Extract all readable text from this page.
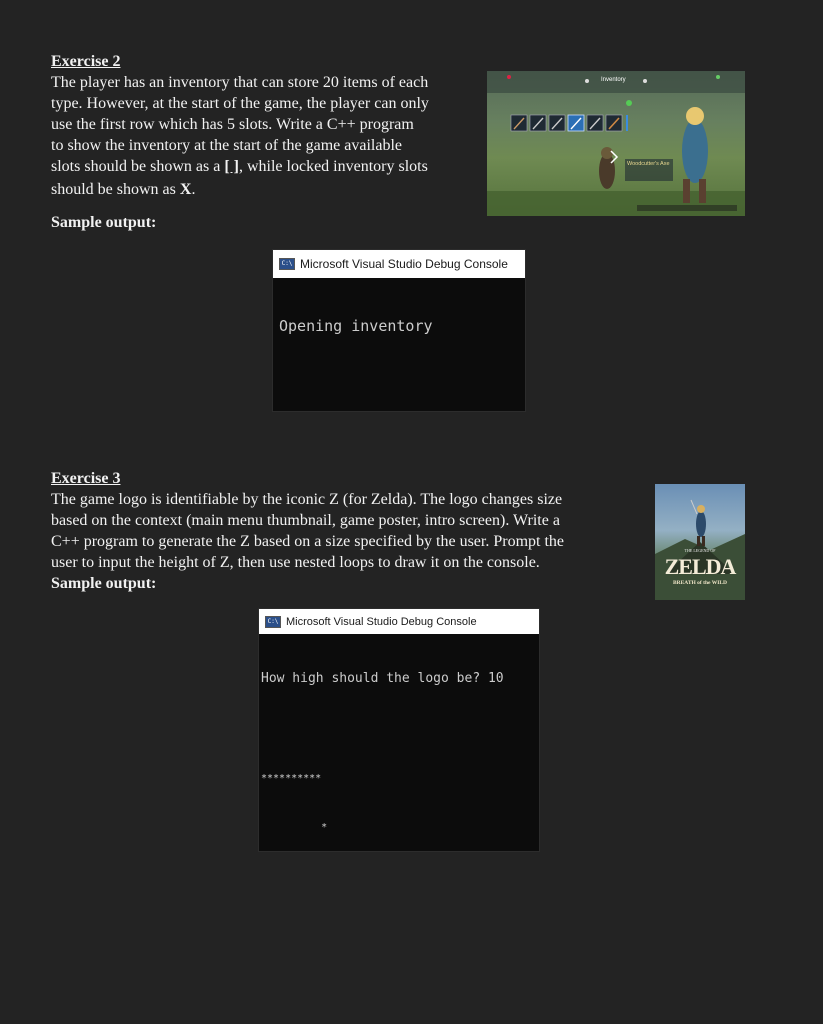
Exercise 2
The player has an inventory that can store 20 items of each
type. However, at the start of the game, the player can only
use the first row which has 5 slots. Write a C++ program
to show the inventory at the start of the game available
slots should be shown as a [ ], while locked inventory slots
should be shown as X.
Sample output:
Inventory
Woodcutter's Axe
C:\ Microsoft Visual Studio Debug Console

Opening inventory

Exercise 3
The game logo is identifiable by the iconic Z (for Zelda). The logo changes size
based on the context (main menu thumbnail, game poster, intro screen). Write a
C++ program to generate the Z based on a size specified by the user. Prompt the
user to input the height of Z, then use nested loops to draw it on the console.
Sample output:
THE LEGEND OF
ZELDA
BREATH of the WILD
C:\ Microsoft Visual Studio Debug Console

How high should the logo be? 10

**********

*
